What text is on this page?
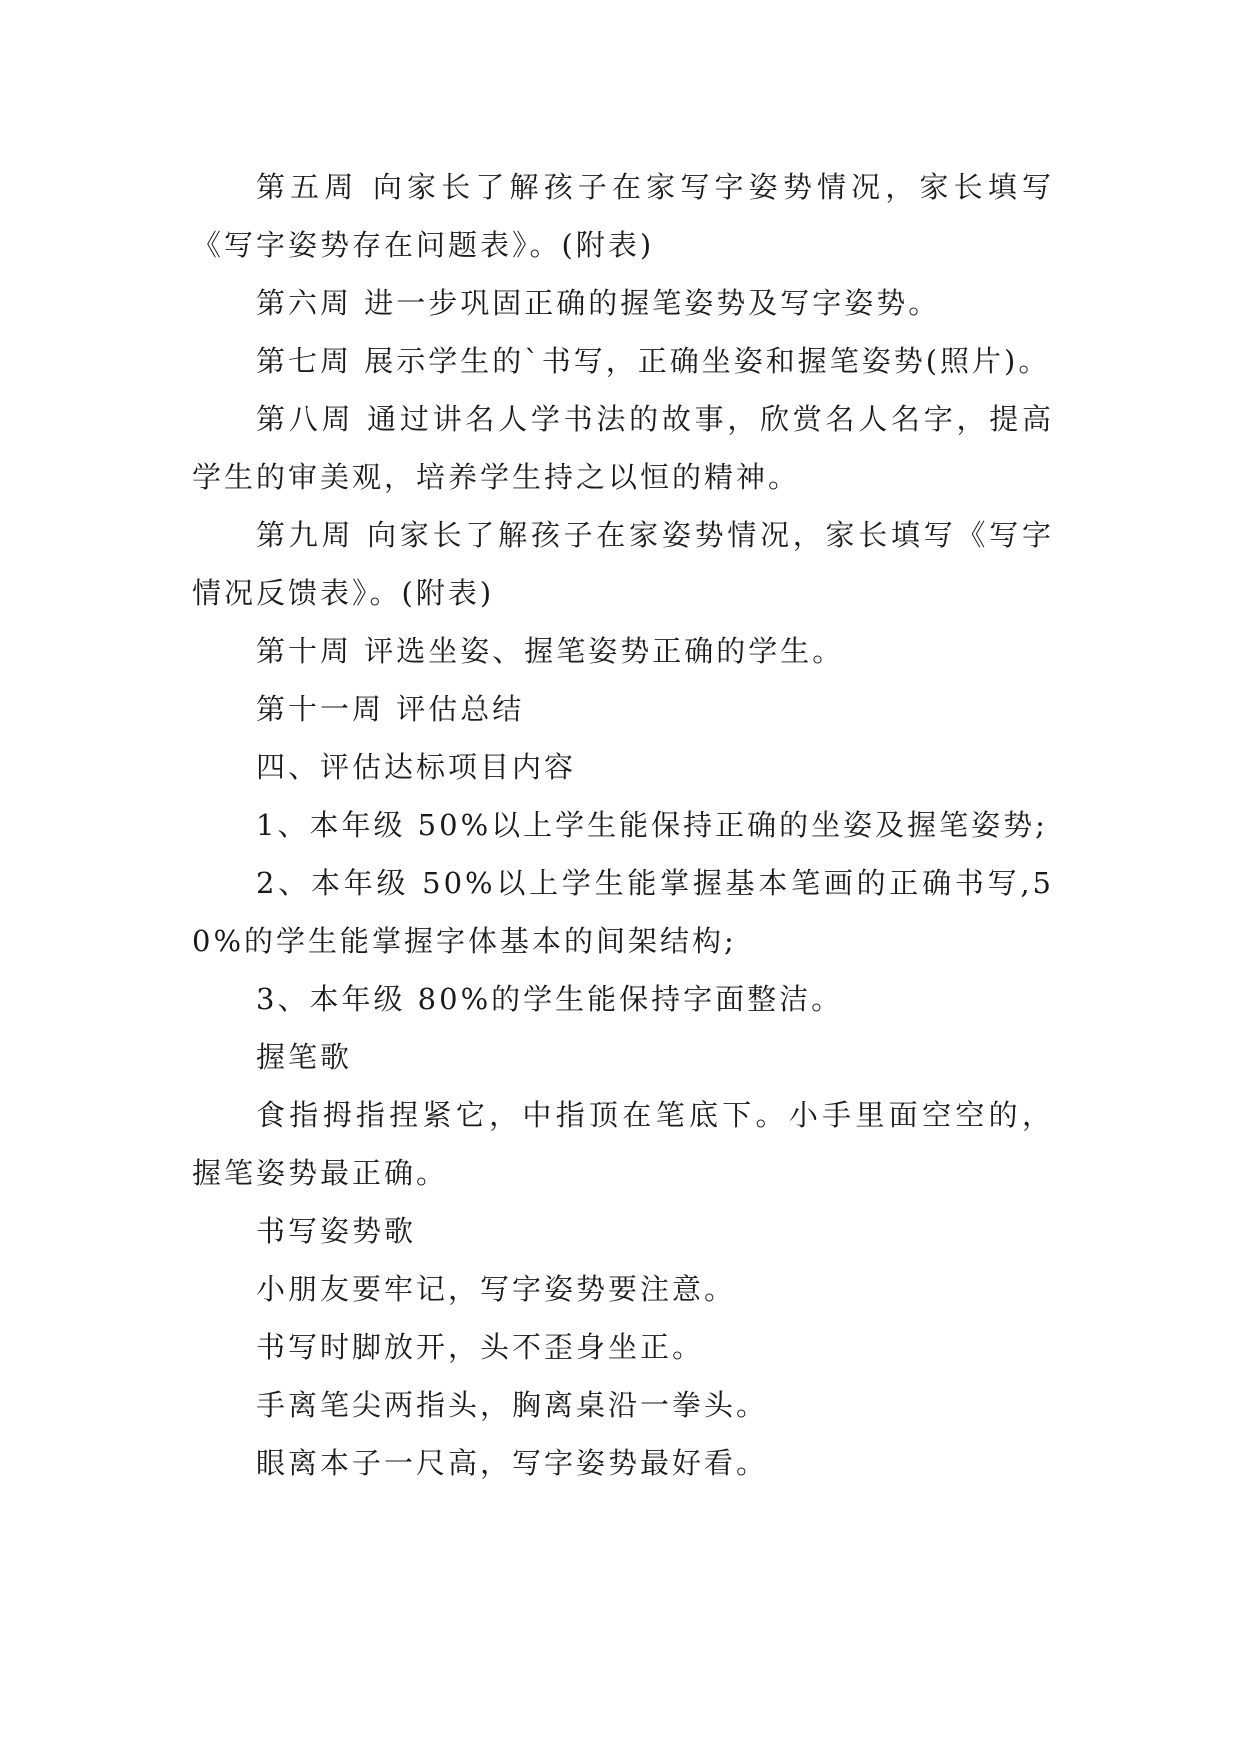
第五周 向家长了解孩子在家写字姿势情况，家长填写《写字姿势存在问题表》。(附表)

第六周 进一步巩固正确的握笔姿势及写字姿势。

第七周 展示学生的`书写，正确坐姿和握笔姿势(照片)。

第八周 通过讲名人学书法的故事，欣赏名人名字，提高学生的审美观，培养学生持之以恒的精神。

第九周 向家长了解孩子在家姿势情况，家长填写《写字情况反馈表》。(附表)

第十周 评选坐姿、握笔姿势正确的学生。

第十一周 评估总结

四、评估达标项目内容

1、本年级 50%以上学生能保持正确的坐姿及握笔姿势;

2、本年级 50%以上学生能掌握基本笔画的正确书写,50%的学生能掌握字体基本的间架结构;

3、本年级 80%的学生能保持字面整洁。

握笔歌

食指拇指捏紧它，中指顶在笔底下。小手里面空空的，握笔姿势最正确。

书写姿势歌

小朋友要牢记，写字姿势要注意。

书写时脚放开，头不歪身坐正。

手离笔尖两指头，胸离桌沿一拳头。

眼离本子一尺高，写字姿势最好看。
